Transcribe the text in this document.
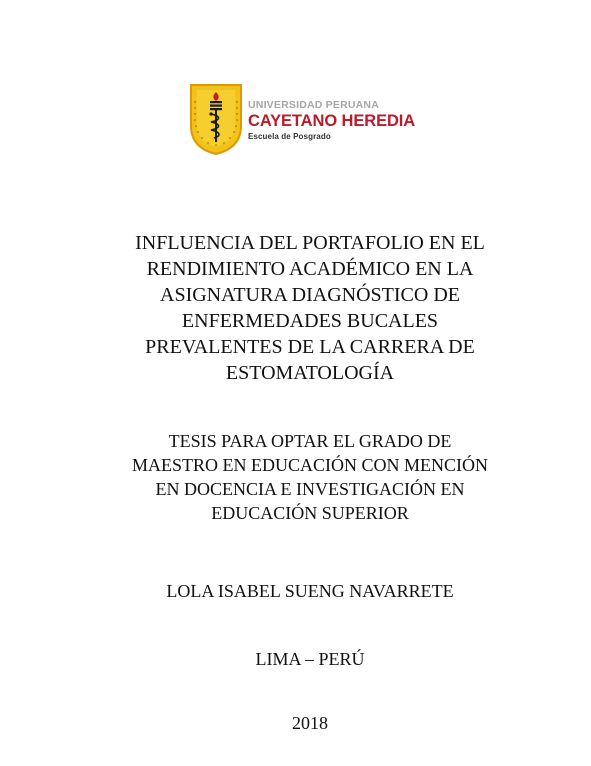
UNIVERSIDAD PERUANA
CAYETANO HEREDIA
Escuela de Posgrado
INFLUENCIA DEL PORTAFOLIO EN EL
RENDIMIENTO ACADÉMICO EN LA
ASIGNATURA DIAGNÓSTICO DE
ENFERMEDADES BUCALES
PREVALENTES DE LA CARRERA DE
ESTOMATOLOGÍA
TESIS PARA OPTAR EL GRADO DE
MAESTRO EN EDUCACIÓN CON MENCIÓN
EN DOCENCIA E INVESTIGACIÓN EN
EDUCACIÓN SUPERIOR
LOLA ISABEL SUENG NAVARRETE
LIMA – PERÚ
2018
